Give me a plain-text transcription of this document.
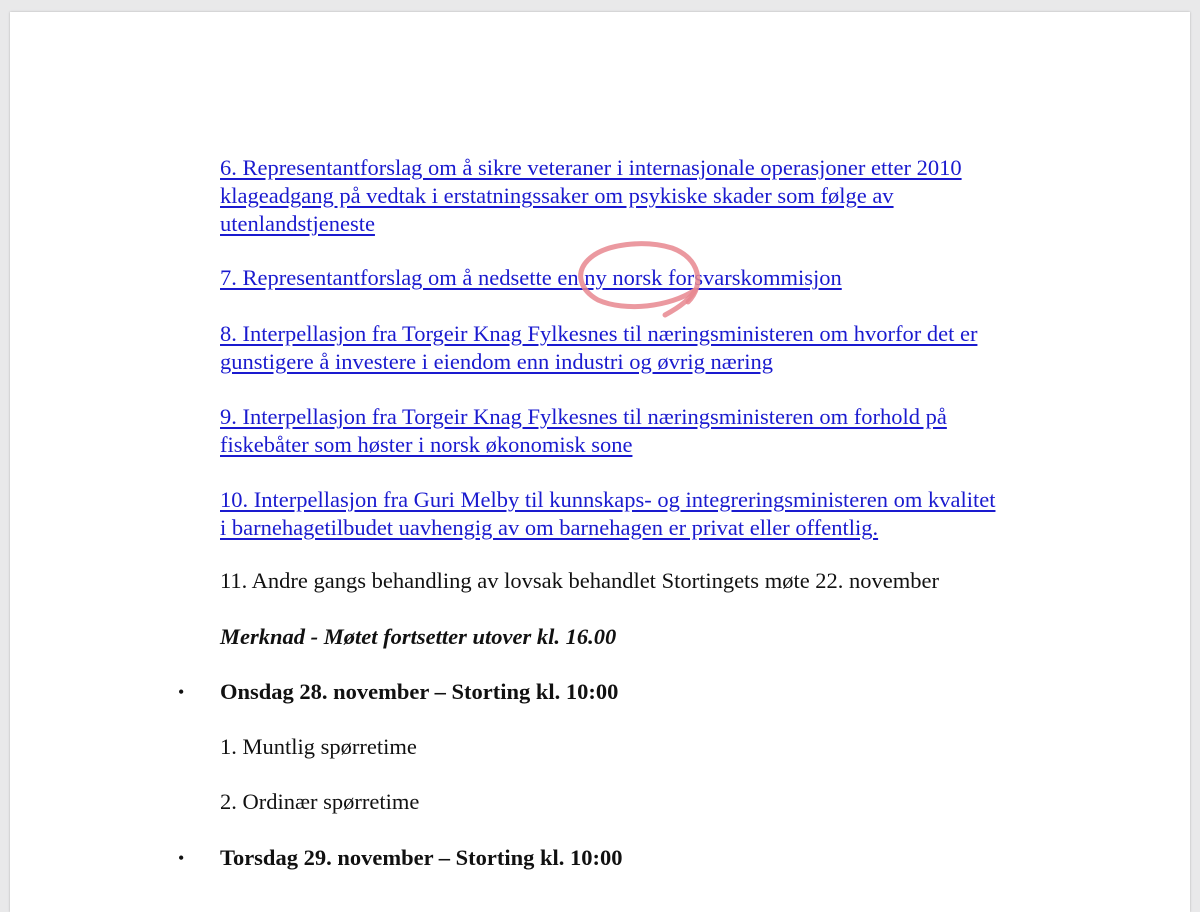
6. Representantforslag om å sikre veteraner i internasjonale operasjoner etter 2010
klageadgang på vedtak i erstatningssaker om psykiske skader som følge av
utenlandstjeneste
7. Representantforslag om å nedsette en ny norsk forsvarskommisjon
8. Interpellasjon fra Torgeir Knag Fylkesnes til næringsministeren om hvorfor det er
gunstigere å investere i eiendom enn industri og øvrig næring
9. Interpellasjon fra Torgeir Knag Fylkesnes til næringsministeren om forhold på
fiskebåter som høster i norsk økonomisk sone
10. Interpellasjon fra Guri Melby til kunnskaps- og integreringsministeren om kvalitet
i barnehagetilbudet uavhengig av om barnehagen er privat eller offentlig.
11. Andre gangs behandling av lovsak behandlet Stortingets møte 22. november
Merknad - Møtet fortsetter utover kl. 16.00
• Onsdag 28. november – Storting kl. 10:00
1. Muntlig spørretime
2. Ordinær spørretime
• Torsdag 29. november – Storting kl. 10:00
